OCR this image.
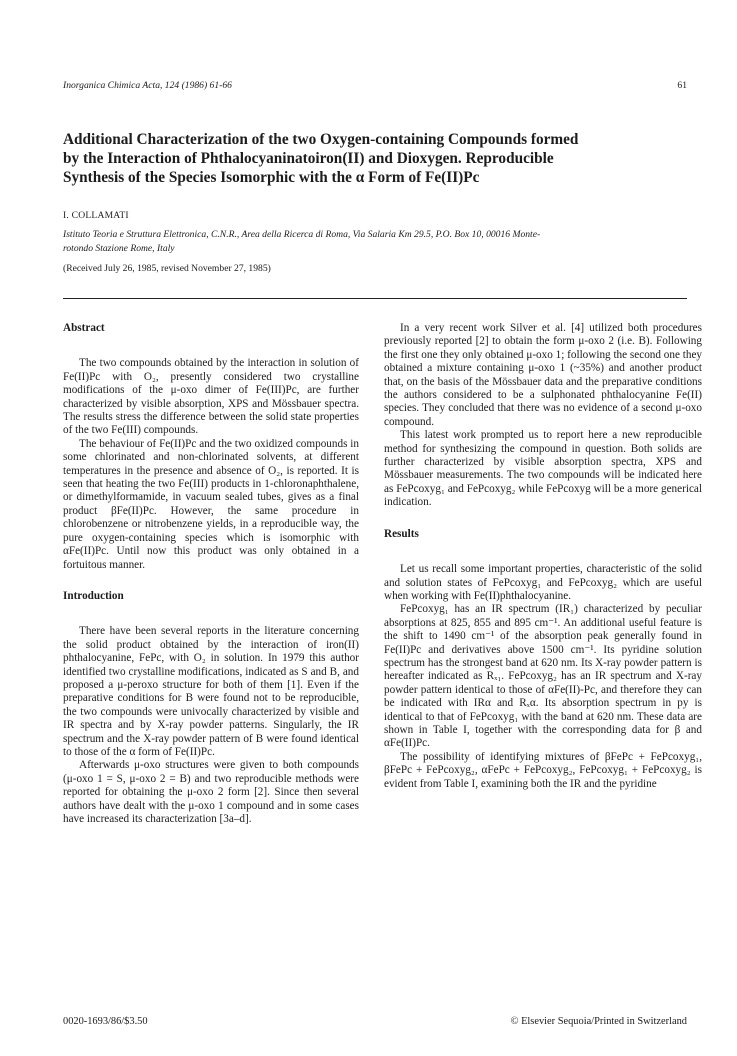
Inorganica Chimica Acta, 124 (1986) 61-66	61
Additional Characterization of the two Oxygen-containing Compounds formed
by the Interaction of Phthalocyaninatoiron(II) and Dioxygen. Reproducible
Synthesis of the Species Isomorphic with the α Form of Fe(II)Pc
I. COLLAMATI
Istituto Teoria e Struttura Elettronica, C.N.R., Area della Ricerca di Roma, Via Salaria Km 29.5, P.O. Box 10, 00016 Monte-
rotondo Stazione Rome, Italy
(Received July 26, 1985, revised November 27, 1985)

Abstract

The two compounds obtained by the interaction in solution of Fe(II)Pc with O₂, presently considered two crystalline modifications of the μ-oxo dimer of Fe(III)Pc, are further characterized by visible absorption, XPS and Mössbauer spectra. The results stress the difference between the solid state properties of the two Fe(III) compounds.

The behaviour of Fe(II)Pc and the two oxidized compounds in some chlorinated and non-chlorinated solvents, at different temperatures in the presence and absence of O₂, is reported. It is seen that heating the two Fe(III) products in 1-chloronaphthalene, or dimethylformamide, in vacuum sealed tubes, gives as a final product βFe(II)Pc. However, the same procedure in chlorobenzene or nitrobenzene yields, in a reproducible way, the pure oxygen-containing species which is isomorphic with αFe(II)Pc. Until now this product was only obtained in a fortuitous manner.

Introduction

There have been several reports in the literature concerning the solid product obtained by the interaction of iron(II) phthalocyanine, FePc, with O₂ in solution. In 1979 this author identified two crystalline modifications, indicated as S and B, and proposed a μ-peroxo structure for both of them [1]. Even if the preparative conditions for B were found not to be reproducible, the two compounds were univocally characterized by visible and IR spectra and by X-ray powder patterns. Singularly, the IR spectrum and the X-ray powder pattern of B were found identical to those of the α form of Fe(II)Pc.

Afterwards μ-oxo structures were given to both compounds (μ-oxo 1 = S, μ-oxo 2 = B) and two reproducible methods were reported for obtaining the μ-oxo 2 form [2]. Since then several authors have dealt with the μ-oxo 1 compound and in some cases have increased its characterization [3a–d].

In a very recent work Silver et al. [4] utilized both procedures previously reported [2] to obtain the form μ-oxo 2 (i.e. B). Following the first one they only obtained μ-oxo 1; following the second one they obtained a mixture containing μ-oxo 1 (~35%) and another product that, on the basis of the Mössbauer data and the preparative conditions the authors considered to be a sulphonated phthalocyanine Fe(II) species. They concluded that there was no evidence of a second μ-oxo compound.

This latest work prompted us to report here a new reproducible method for synthesizing the compound in question. Both solids are further characterized by visible absorption spectra, XPS and Mössbauer measurements. The two compounds will be indicated here as FePcoxyg₁ and FePcoxyg₂ while FePcoxyg will be a more generical indication.

Results

Let us recall some important properties, characteristic of the solid and solution states of FePcoxyg₁ and FePcoxyg₂ which are useful when working with Fe(II)phthalocyanine.

FePcoxyg₁ has an IR spectrum (IR₁) characterized by peculiar absorptions at 825, 855 and 895 cm⁻¹. An additional useful feature is the shift to 1490 cm⁻¹ of the absorption peak generally found in Fe(II)Pc and derivatives above 1500 cm⁻¹. Its pyridine solution spectrum has the strongest band at 620 nm. Its X-ray powder pattern is hereafter indicated as Rₓ₁. FePcoxyg₂ has an IR spectrum and X-ray powder pattern identical to those of αFe(II)-Pc, and therefore they can be indicated with IRα and Rₓα. Its absorption spectrum in py is identical to that of FePcoxyg₁ with the band at 620 nm. These data are shown in Table I, together with the corresponding data for β and αFe(II)Pc.

The possibility of identifying mixtures of βFePc + FePcoxyg₁, βFePc + FePcoxyg₂, αFePc + FePcoxyg₂, FePcoxyg₁ + FePcoxyg₂ is evident from Table I, examining both the IR and the pyridine

0020-1693/86/$3.50	© Elsevier Sequoia/Printed in Switzerland
